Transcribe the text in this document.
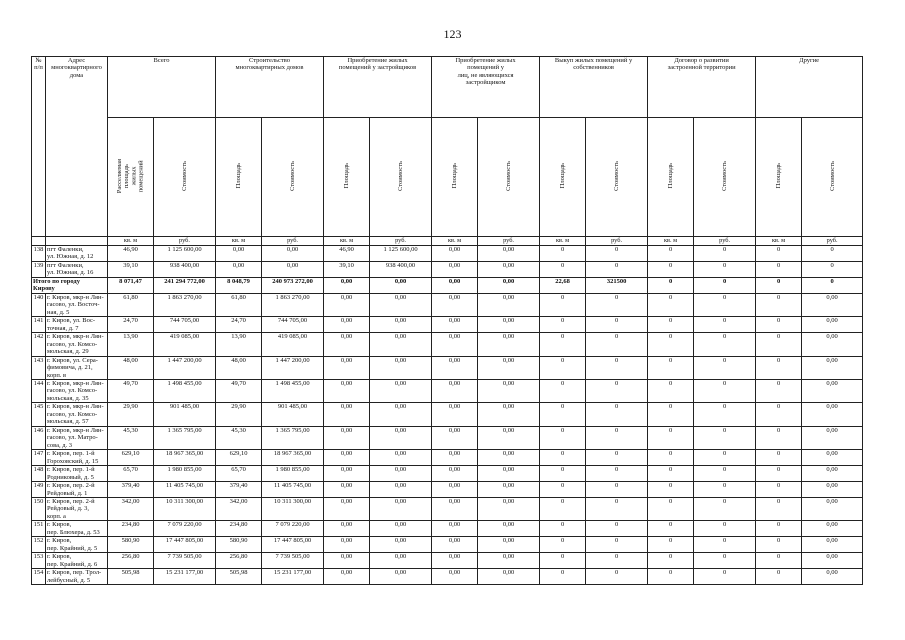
123
№
п/п	Адрес
многоквартирного
дома	Всего		Строительство
многоквартирных домов		Приобретение жилых
помещений у застройщиков		Приобретение жилых
помещений у
лиц, не являющихся
застройщиком		Выкуп жилых помещений у
собственников		Договор о развитии
застроенной территории		Другие	
		Расселяемая
площадь
жилых
помещений	Стоимость	Площадь	Стоимость	Площадь	Стоимость	Площадь	Стоимость	Площадь	Стоимость	Площадь	Стоимость	Площадь	Стоимость
		кв. м	руб.	кв. м	руб.	кв. м	руб.	кв. м	руб.	кв. м	руб.	кв. м	руб.	кв. м	руб.
138	пгт Фаленки,
ул. Южная, д. 12	46,90	1 125 600,00	0,00	0,00	46,90	1 125 600,00	0,00	0,00	0	0	0	0	0	0
139	пгт Фаленки,
ул. Южная, д. 16	39,10	938 400,00	0,00	0,00	39,10	938 400,00	0,00	0,00	0	0	0	0	0	0
Итого по городу
Кирову		8 071,47	241 294 772,00	8 048,79	240 973 272,00	0,00	0,00	0,00	0,00	22,68	321500	0	0	0	0
140	г. Киров, мкр-н Лян-
гасово, ул. Восточ-
ная, д. 5	61,80	1 863 270,00	61,80	1 863 270,00	0,00	0,00	0,00	0,00	0	0	0	0	0	0,00
141	г. Киров, ул. Вос-
точная, д. 7	24,70	744 705,00	24,70	744 705,00	0,00	0,00	0,00	0,00	0	0	0	0	0	0,00
142	г. Киров, мкр-н Лян-
гасово, ул. Комсо-
мольская, д. 29	13,90	419 085,00	13,90	419 085,00	0,00	0,00	0,00	0,00	0	0	0	0	0	0,00
143	г. Киров, ул. Сера-
фимовича, д. 21,
корп. в	48,00	1 447 200,00	48,00	1 447 200,00	0,00	0,00	0,00	0,00	0	0	0	0	0	0,00
144	г. Киров, мкр-н Лян-
гасово, ул. Комсо-
мольская, д. 35	49,70	1 498 455,00	49,70	1 498 455,00	0,00	0,00	0,00	0,00	0	0	0	0	0	0,00
145	г. Киров, мкр-н Лян-
гасово, ул. Комсо-
мольская, д. 57	29,90	901 485,00	29,90	901 485,00	0,00	0,00	0,00	0,00	0	0	0	0	0	0,00
146	г. Киров, мкр-н Лян-
гасово, ул. Матро-
сова, д. 3	45,30	1 365 795,00	45,30	1 365 795,00	0,00	0,00	0,00	0,00	0	0	0	0	0	0,00
147	г. Киров, пер. 1-й
Гороховский, д. 15	629,10	18 967 365,00	629,10	18 967 365,00	0,00	0,00	0,00	0,00	0	0	0	0	0	0,00
148	г. Киров, пер. 1-й
Родниковый, д. 5	65,70	1 980 855,00	65,70	1 980 855,00	0,00	0,00	0,00	0,00	0	0	0	0	0	0,00
149	г. Киров, пер. 2-й
Рейдовый, д. 1	379,40	11 405 745,00	379,40	11 405 745,00	0,00	0,00	0,00	0,00	0	0	0	0	0	0,00
150	г. Киров, пер. 2-й
Рейдовый, д. 3,
корп. а	342,00	10 311 300,00	342,00	10 311 300,00	0,00	0,00	0,00	0,00	0	0	0	0	0	0,00
151	г. Киров,
пер. Блюхера, д. 53	234,80	7 079 220,00	234,80	7 079 220,00	0,00	0,00	0,00	0,00	0	0	0	0	0	0,00
152	г. Киров,
пер. Крайний, д. 5	580,90	17 447 805,00	580,90	17 447 805,00	0,00	0,00	0,00	0,00	0	0	0	0	0	0,00
153	г. Киров,
пер. Крайний, д. 6	256,80	7 739 505,00	256,80	7 739 505,00	0,00	0,00	0,00	0,00	0	0	0	0	0	0,00
154	г. Киров, пер. Трол-
лейбусный, д. 5	505,98	15 231 177,00	505,98	15 231 177,00	0,00	0,00	0,00	0,00	0	0	0	0	0	0,00
